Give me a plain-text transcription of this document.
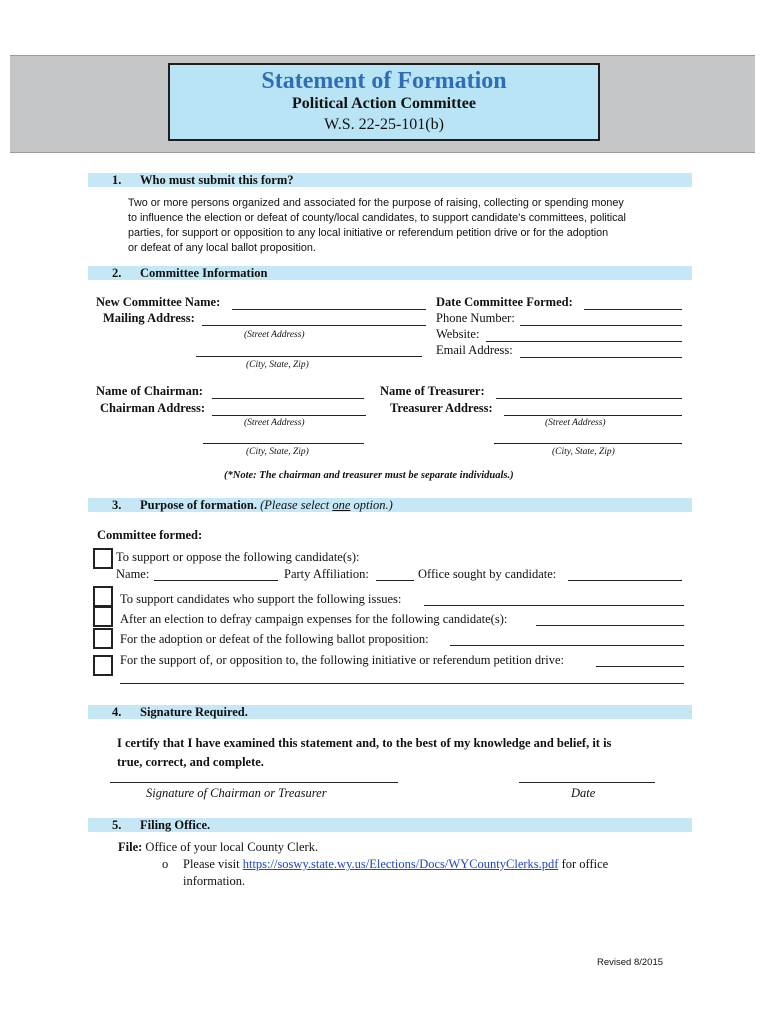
Statement of Formation
Political Action Committee
W.S. 22-25-101(b)
1. Who must submit this form?
Two or more persons organized and associated for the purpose of raising, collecting or spending money
to influence the election or defeat of county/local candidates, to support candidate’s committees, political
parties, for support or opposition to any local initiative or referendum petition drive or for the adoption
or defeat of any local ballot proposition.
2. Committee Information
New Committee Name:
Mailing Address:
(Street Address)
(City, State, Zip)
Date Committee Formed:
Phone Number:
Website:
Email Address:
Name of Chairman:
Chairman Address:
(Street Address)
(City, State, Zip)
Name of Treasurer:
Treasurer Address:
(Street Address)
(City, State, Zip)
(*Note: The chairman and treasurer must be separate individuals.)
3. Purpose of formation. (Please select one option.)
Committee formed:
To support or oppose the following candidate(s):
Name:	Party Affiliation:	Office sought by candidate:
To support candidates who support the following issues:
After an election to defray campaign expenses for the following candidate(s):
For the adoption or defeat of the following ballot proposition:
For the support of, or opposition to, the following initiative or referendum petition drive:
4. Signature Required.
I certify that I have examined this statement and, to the best of my knowledge and belief, it is
true, correct, and complete.
Signature of Chairman or Treasurer	Date
5. Filing Office.
File: Office of your local County Clerk.
o Please visit https://soswy.state.wy.us/Elections/Docs/WYCountyClerks.pdf for office
information.
Revised 8/2015
